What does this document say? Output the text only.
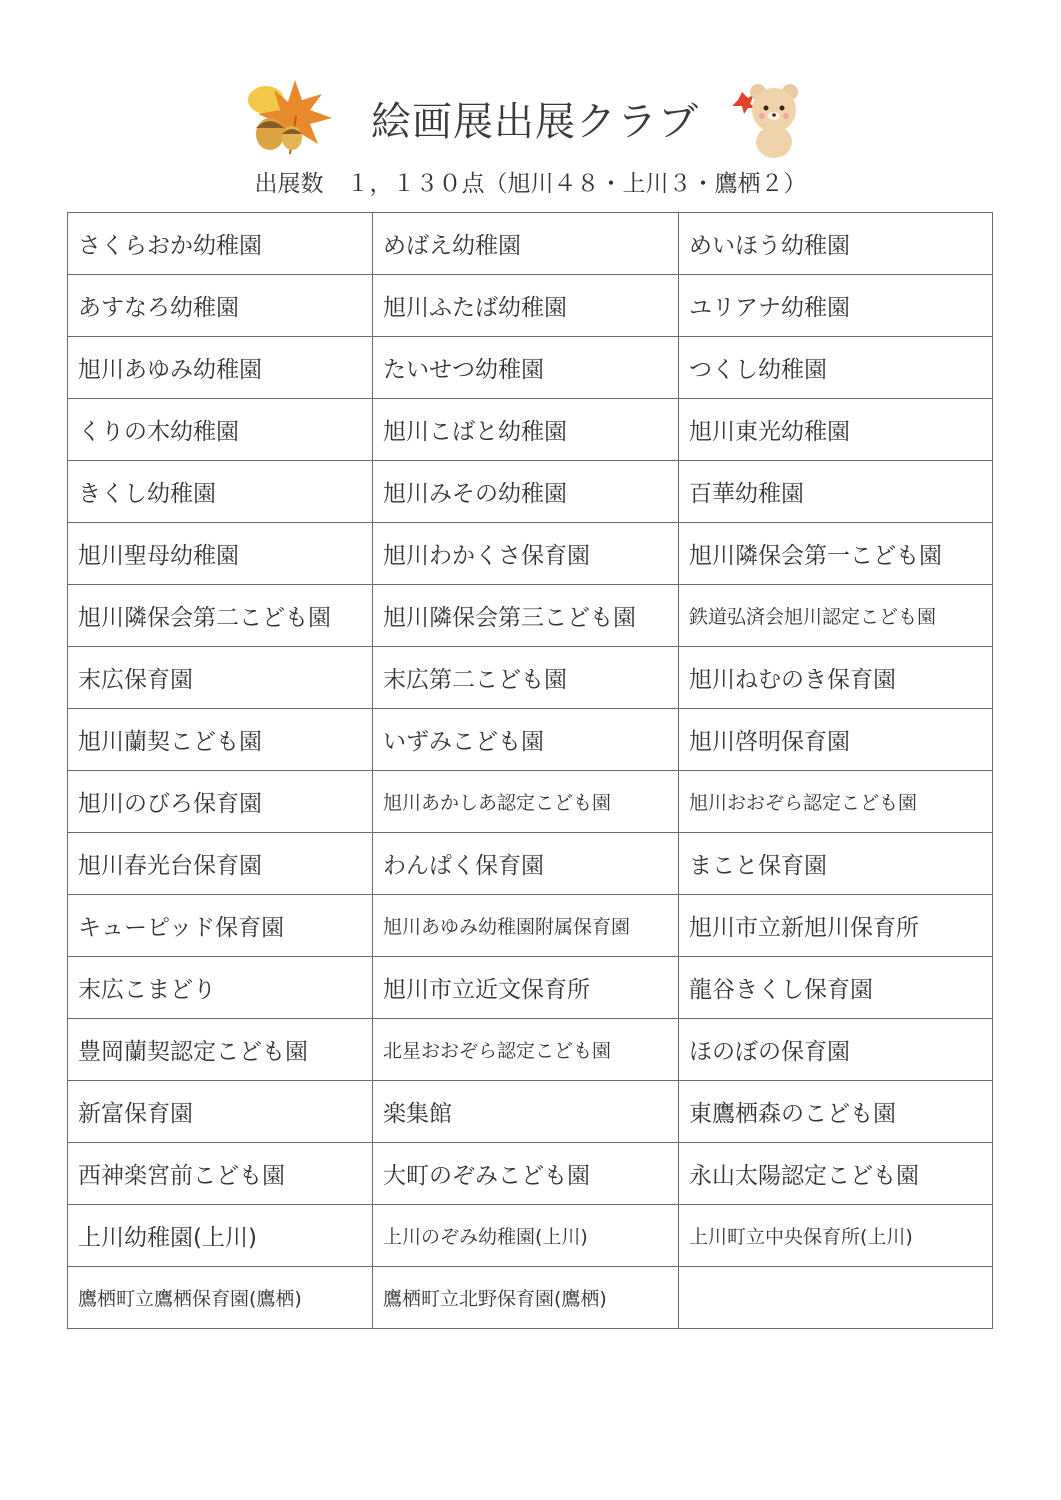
絵画展出展クラブ
出展数　１，１３０点（旭川４８・上川３・鷹栖２）
さくらおか幼稚園	めばえ幼稚園	めいほう幼稚園
あすなろ幼稚園	旭川ふたば幼稚園	ユリアナ幼稚園
旭川あゆみ幼稚園	たいせつ幼稚園	つくし幼稚園
くりの木幼稚園	旭川こばと幼稚園	旭川東光幼稚園
きくし幼稚園	旭川みその幼稚園	百華幼稚園
旭川聖母幼稚園	旭川わかくさ保育園	旭川隣保会第一こども園
旭川隣保会第二こども園	旭川隣保会第三こども園	鉄道弘済会旭川認定こども園
末広保育園	末広第二こども園	旭川ねむのき保育園
旭川蘭契こども園	いずみこども園	旭川啓明保育園
旭川のびろ保育園	旭川あかしあ認定こども園	旭川おおぞら認定こども園
旭川春光台保育園	わんぱく保育園	まこと保育園
キューピッド保育園	旭川あゆみ幼稚園附属保育園	旭川市立新旭川保育所
末広こまどり	旭川市立近文保育所	龍谷きくし保育園
豊岡蘭契認定こども園	北星おおぞら認定こども園	ほのぼの保育園
新富保育園	楽集館	東鷹栖森のこども園
西神楽宮前こども園	大町のぞみこども園	永山太陽認定こども園
上川幼稚園(上川)	上川のぞみ幼稚園(上川)	上川町立中央保育所(上川)
鷹栖町立鷹栖保育園(鷹栖)	鷹栖町立北野保育園(鷹栖)	
